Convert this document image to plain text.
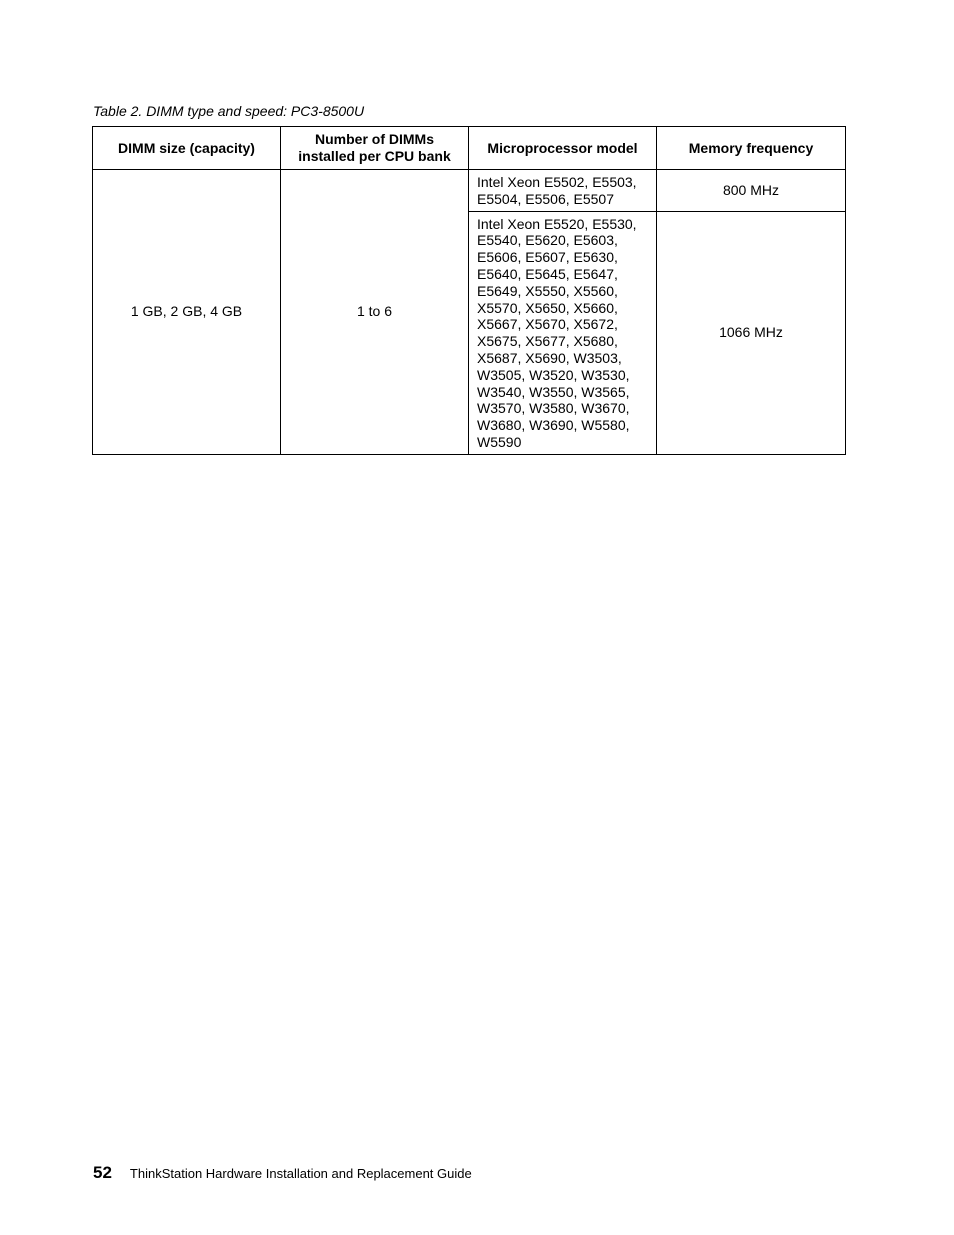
Table 2. DIMM type and speed: PC3-8500U
DIMM size (capacity)	Number of DIMMs installed per CPU bank	Microprocessor model	Memory frequency
1 GB, 2 GB, 4 GB	1 to 6	Intel Xeon E5502, E5503, E5504, E5506, E5507	800 MHz
		Intel Xeon E5520, E5530, E5540, E5620, E5603, E5606, E5607, E5630, E5640, E5645, E5647, E5649, X5550, X5560, X5570, X5650, X5660, X5667, X5670, X5672, X5675, X5677, X5680, X5687, X5690, W3503, W3505, W3520, W3530, W3540, W3550, W3565, W3570, W3580, W3670, W3680, W3690, W5580, W5590	1066 MHz
52 ThinkStation Hardware Installation and Replacement Guide
